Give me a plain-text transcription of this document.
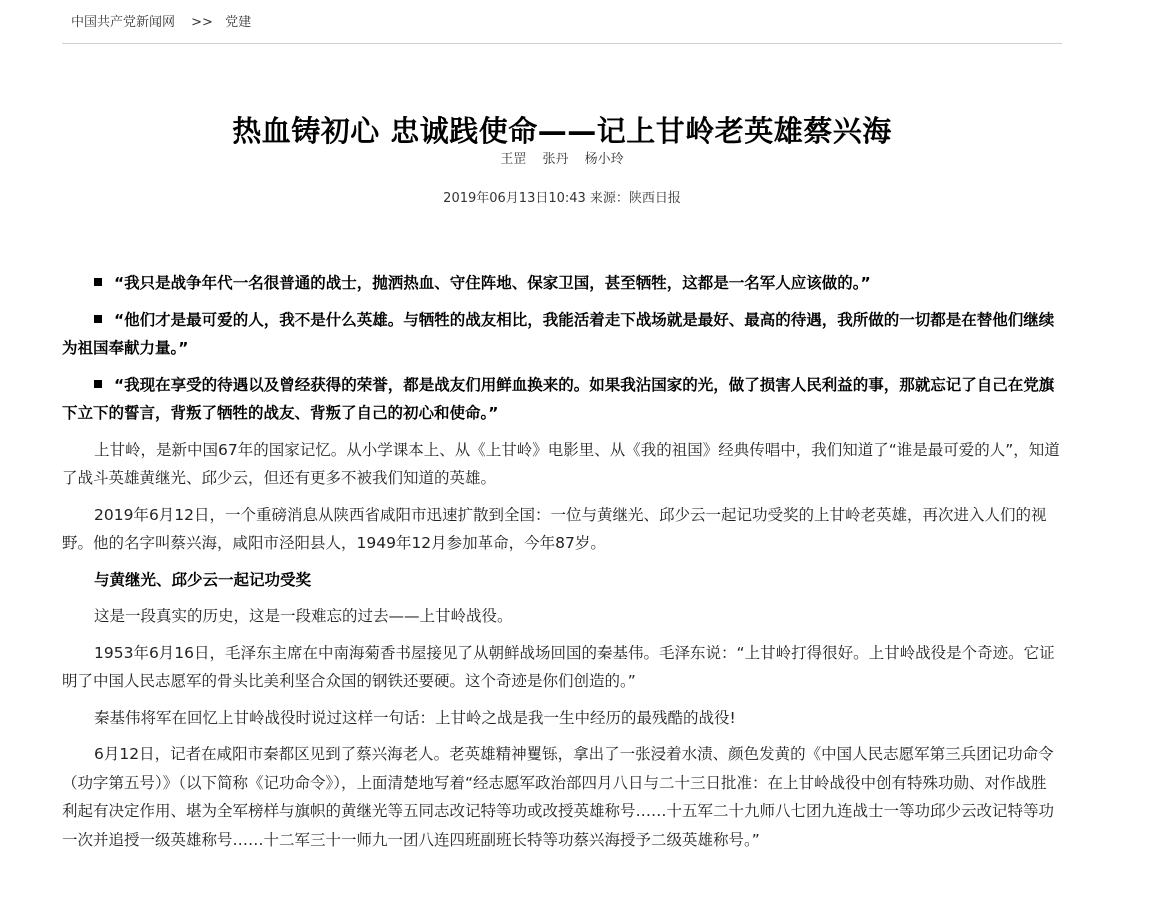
中国共产党新闻网 >> 党建
热血铸初心 忠诚践使命——记上甘岭老英雄蔡兴海
王罡 张丹 杨小玲
2019年06月13日10:43 来源：陕西日报

“我只是战争年代一名很普通的战士，抛洒热血、守住阵地、保家卫国，甚至牺牲，这都是一名军人应该做的。”

“他们才是最可爱的人，我不是什么英雄。与牺牲的战友相比，我能活着走下战场就是最好、最高的待遇，我所做的一切都是在替他们继续为祖国奉献力量。”

“我现在享受的待遇以及曾经获得的荣誉，都是战友们用鲜血换来的。如果我沾国家的光，做了损害人民利益的事，那就忘记了自己在党旗下立下的誓言，背叛了牺牲的战友、背叛了自己的初心和使命。”

上甘岭，是新中国67年的国家记忆。从小学课本上、从《上甘岭》电影里、从《我的祖国》经典传唱中，我们知道了“谁是最可爱的人”，知道了战斗英雄黄继光、邱少云，但还有更多不被我们知道的英雄。

2019年6月12日，一个重磅消息从陕西省咸阳市迅速扩散到全国：一位与黄继光、邱少云一起记功受奖的上甘岭老英雄，再次进入人们的视野。他的名字叫蔡兴海，咸阳市泾阳县人，1949年12月参加革命，今年87岁。

与黄继光、邱少云一起记功受奖

这是一段真实的历史，这是一段难忘的过去——上甘岭战役。

1953年6月16日，毛泽东主席在中南海菊香书屋接见了从朝鲜战场回国的秦基伟。毛泽东说：“上甘岭打得很好。上甘岭战役是个奇迹。它证明了中国人民志愿军的骨头比美利坚合众国的钢铁还要硬。这个奇迹是你们创造的。”

秦基伟将军在回忆上甘岭战役时说过这样一句话：上甘岭之战是我一生中经历的最残酷的战役!

6月12日，记者在咸阳市秦都区见到了蔡兴海老人。老英雄精神矍铄，拿出了一张浸着水渍、颜色发黄的《中国人民志愿军第三兵团记功命令（功字第五号）》（以下简称《记功命令》），上面清楚地写着“经志愿军政治部四月八日与二十三日批准：在上甘岭战役中创有特殊功勋、对作战胜利起有决定作用、堪为全军榜样与旗帜的黄继光等五同志改记特等功或改授英雄称号……十五军二十九师八七团九连战士一等功邱少云改记特等功一次并追授一级英雄称号……十二军三十一师九一团八连四班副班长特等功蔡兴海授予二级英雄称号。”
